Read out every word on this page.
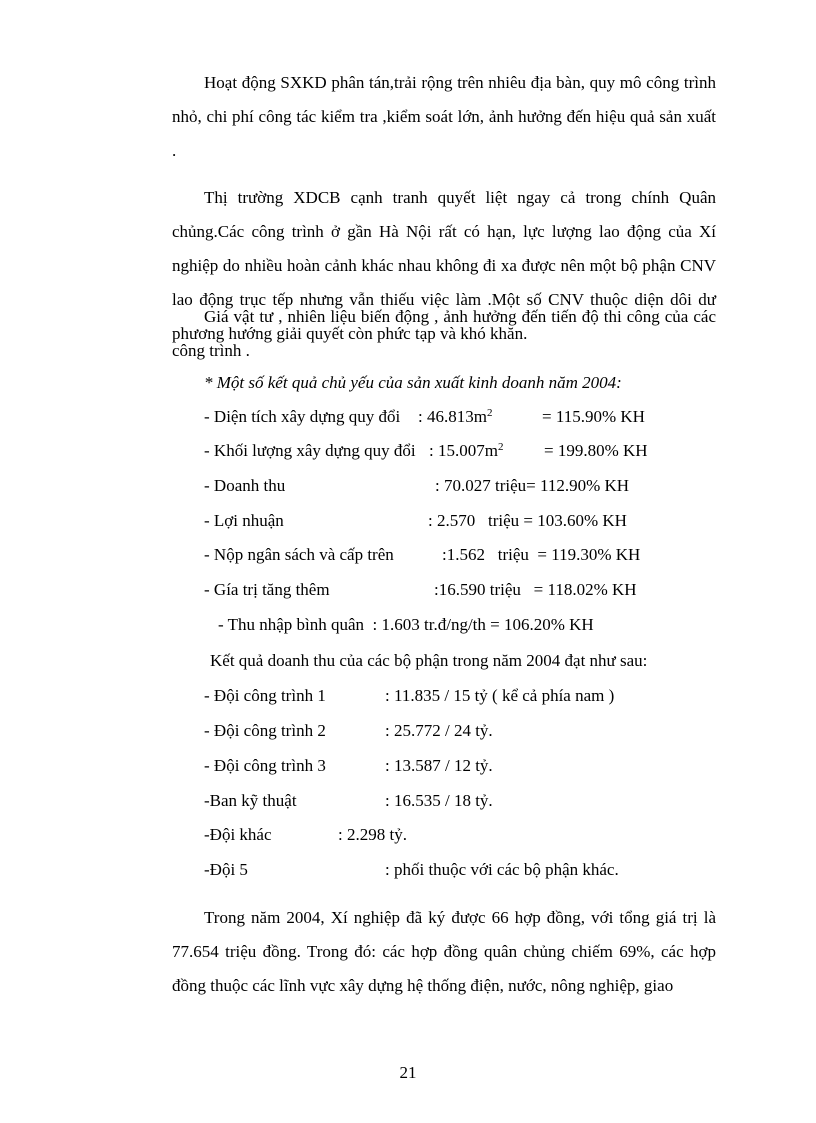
Hoạt động SXKD phân tán,trải rộng trên nhiêu địa bàn, quy mô công trình nhỏ, chi phí công tác kiểm tra ,kiểm soát lớn, ảnh hưởng đến hiệu quả sản xuất .

Thị trường XDCB cạnh tranh quyết liệt ngay cả trong chính Quân chủng.Các công trình ở gần Hà Nội rất có hạn, lực lượng lao động của Xí nghiệp do nhiều hoàn cảnh khác nhau không đi xa được nên một bộ phận CNV lao động trục tếp nhưng vẫn thiếu việc làm .Một số CNV thuộc diện dôi dư phương hướng giải quyết còn phức tạp và khó khăn.

Giá vật tư , nhiên liệu biến động , ảnh hưởng đến tiến độ thi công của các công trình .

* Một số kết quả chủ yếu của sản xuất kinh doanh năm 2004:

- Diện tích xây dựng quy đổi : $46.813m^2$	= 115.90% KH
- Khối lượng xây dựng quy đổi : $15.007m^2 = 199.80\%$ KH
- Doanh thu	: 70.027 triệu= 112.90% KH
- Lợi nhuận	: 2.570   triệu = 103.60% KH
- Nộp ngân sách và cấp trên	:1.562   triệu  = 119.30% KH
- Gía trị tăng thêm	:16.590 triệu   = 118.02% KH
- Thu nhập bình quân  : 1.603 tr.đ/ng/th = 106.20% KH

Kết quả doanh thu của các bộ phận trong năm 2004 đạt như sau:

- Đội công trình 1	: 11.835 / 15 tỷ ( kể cả phía nam )
- Đội công trình 2	: 25.772 / 24 tỷ.
- Đội công trình 3	: 13.587 / 12 tỷ.
-Ban kỹ thuật	: 16.535 / 18 tỷ.
-Đội khác	: 2.298 tỷ.
-Đội 5	: phối thuộc với các bộ phận khác.

Trong năm 2004, Xí nghiệp đã ký được 66 hợp đồng, với tổng giá trị là 77.654 triệu đồng. Trong đó: các hợp đồng quân chủng chiếm 69%, các hợp đồng thuộc các lĩnh vực xây dựng hệ thống điện, nước, nông nghiệp, giao

21
